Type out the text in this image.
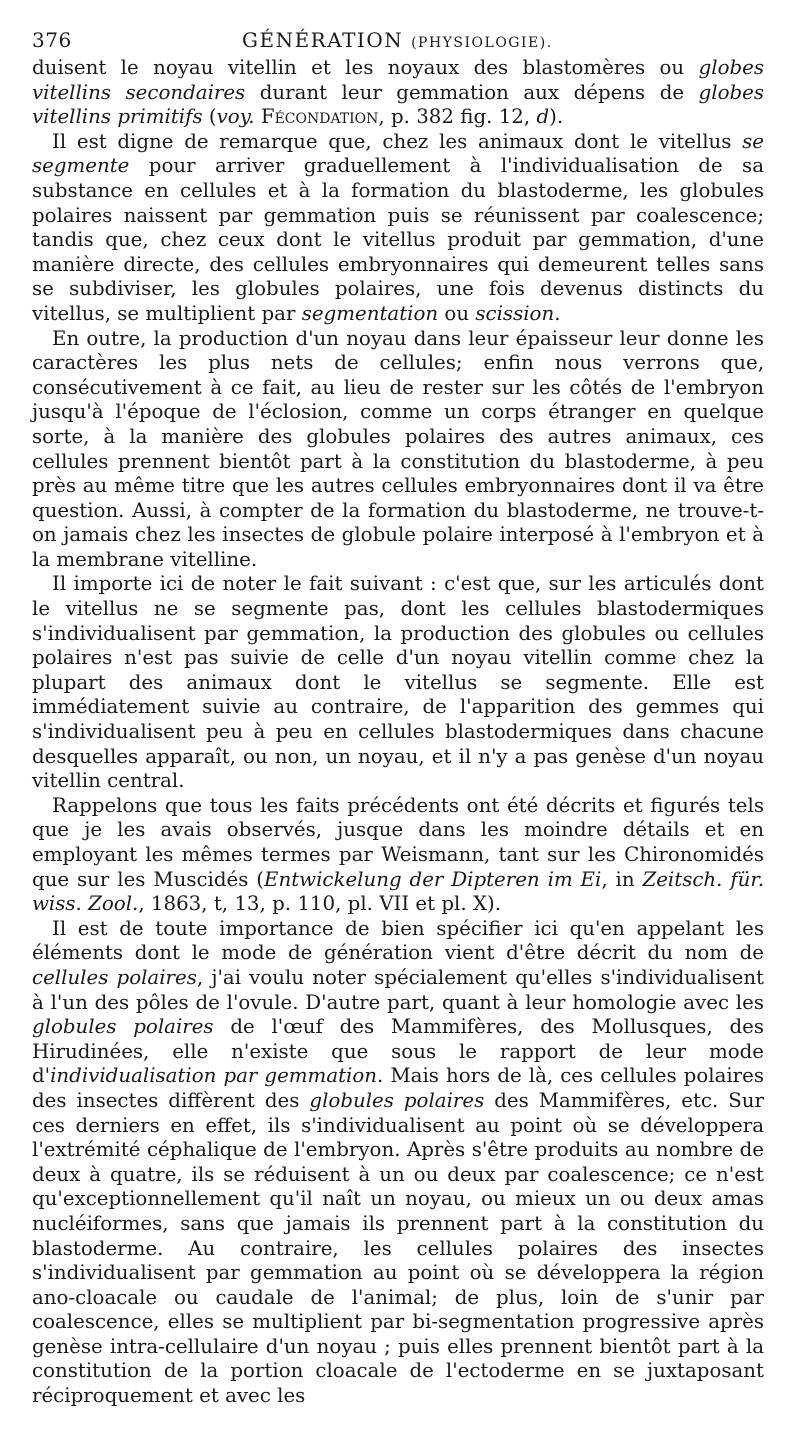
376	GÉNÉRATION (PHYSIOLOGIE).

duisent le noyau vitellin et les noyaux des blastomères ou globes vitellins secondaires durant leur gemmation aux dépens de globes vitellins primitifs (voy. Fécondation, p. 382 fig. 12, d).

Il est digne de remarque que, chez les animaux dont le vitellus se segmente pour arriver graduellement à l'individualisation de sa substance en cellules et à la formation du blastoderme, les globules polaires naissent par gemmation puis se réunissent par coalescence; tandis que, chez ceux dont le vitellus produit par gemmation, d'une manière directe, des cellules embryonnaires qui demeurent telles sans se subdiviser, les globules polaires, une fois devenus distincts du vitellus, se multiplient par segmentation ou scission.

En outre, la production d'un noyau dans leur épaisseur leur donne les caractères les plus nets de cellules; enfin nous verrons que, consécutivement à ce fait, au lieu de rester sur les côtés de l'embryon jusqu'à l'époque de l'éclosion, comme un corps étranger en quelque sorte, à la manière des globules polaires des autres animaux, ces cellules prennent bientôt part à la constitution du blastoderme, à peu près au même titre que les autres cellules embryonnaires dont il va être question. Aussi, à compter de la formation du blastoderme, ne trouve-t-on jamais chez les insectes de globule polaire interposé à l'embryon et à la membrane vitelline.

Il importe ici de noter le fait suivant : c'est que, sur les articulés dont le vitellus ne se segmente pas, dont les cellules blastodermiques s'individualisent par gemmation, la production des globules ou cellules polaires n'est pas suivie de celle d'un noyau vitellin comme chez la plupart des animaux dont le vitellus se segmente. Elle est immédiatement suivie au contraire, de l'apparition des gemmes qui s'individualisent peu à peu en cellules blastodermiques dans chacune desquelles apparaît, ou non, un noyau, et il n'y a pas genèse d'un noyau vitellin central.

Rappelons que tous les faits précédents ont été décrits et figurés tels que je les avais observés, jusque dans les moindre détails et en employant les mêmes termes par Weismann, tant sur les Chironomidés que sur les Muscidés (Entwickelung der Dipteren im Ei, in Zeitsch. für. wiss. Zool., 1863, t, 13, p. 110, pl. VII et pl. X).

Il est de toute importance de bien spécifier ici qu'en appelant les éléments dont le mode de génération vient d'être décrit du nom de cellules polaires, j'ai voulu noter spécialement qu'elles s'individualisent à l'un des pôles de l'ovule. D'autre part, quant à leur homologie avec les globules polaires de l'œuf des Mammifères, des Mollusques, des Hirudinées, elle n'existe que sous le rapport de leur mode d'individualisation par gemmation. Mais hors de là, ces cellules polaires des insectes diffèrent des globules polaires des Mammifères, etc. Sur ces derniers en effet, ils s'individualisent au point où se développera l'extrémité céphalique de l'embryon. Après s'être produits au nombre de deux à quatre, ils se réduisent à un ou deux par coalescence; ce n'est qu'exceptionnellement qu'il naît un noyau, ou mieux un ou deux amas nucléiformes, sans que jamais ils prennent part à la constitution du blastoderme. Au contraire, les cellules polaires des insectes s'individualisent par gemmation au point où se développera la région ano-cloacale ou caudale de l'animal; de plus, loin de s'unir par coalescence, elles se multiplient par bi-segmentation progressive après genèse intra-cellulaire d'un noyau ; puis elles prennent bientôt part à la constitution de la portion cloacale de l'ectoderme en se juxtaposant réciproquement et avec les
